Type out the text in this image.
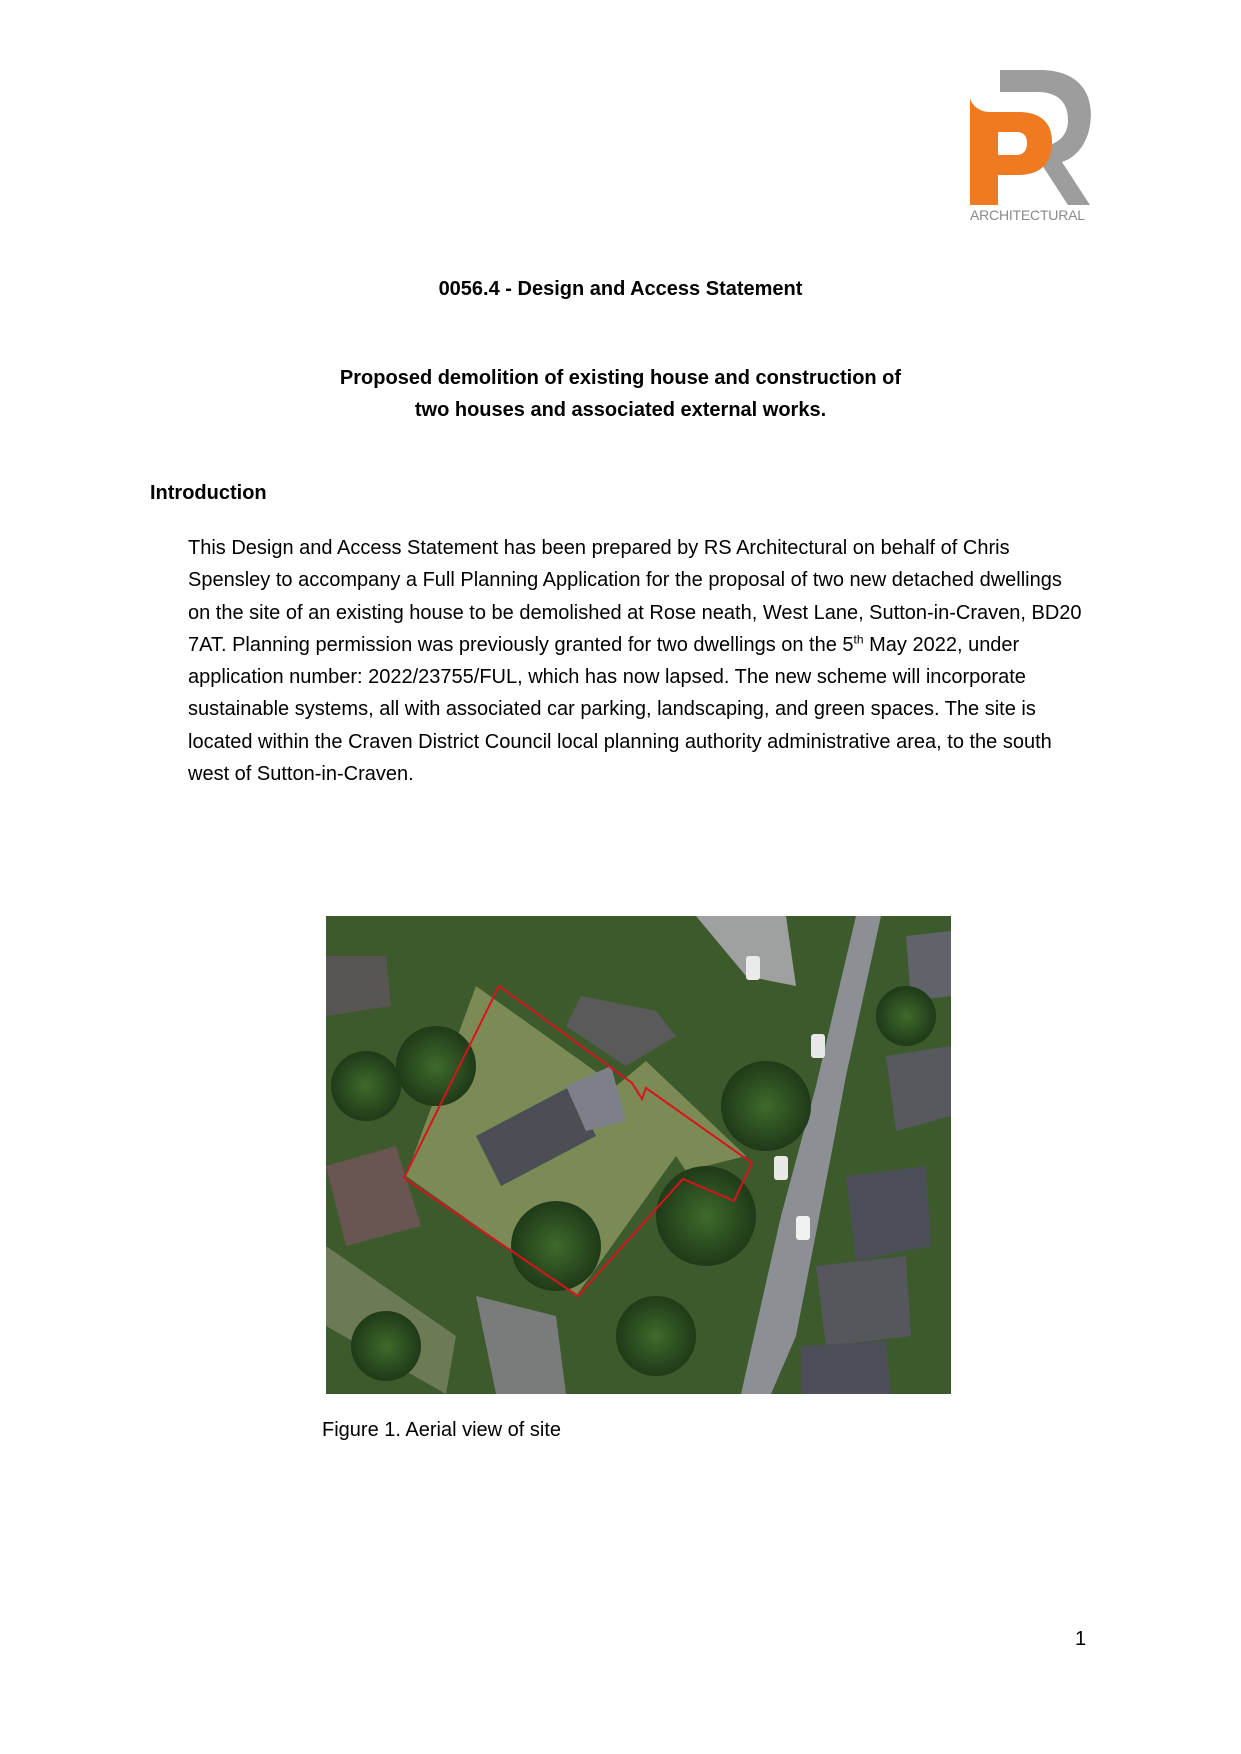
ARCHITECTURAL
0056.4 - Design and Access Statement
Proposed demolition of existing house and construction of
two houses and associated external works.
Introduction
This Design and Access Statement has been prepared by RS Architectural on behalf of Chris Spensley to accompany a Full Planning Application for the proposal of two new detached dwellings on the site of an existing house to be demolished at Rose neath, West Lane, Sutton-in-Craven, BD20 7AT. Planning permission was previously granted for two dwellings on the 5th May 2022, under application number: 2022/23755/FUL, which has now lapsed. The new scheme will incorporate sustainable systems, all with associated car parking, landscaping, and green spaces. The site is located within the Craven District Council local planning authority administrative area, to the south west of Sutton-in-Craven.
Figure 1. Aerial view of site
1
